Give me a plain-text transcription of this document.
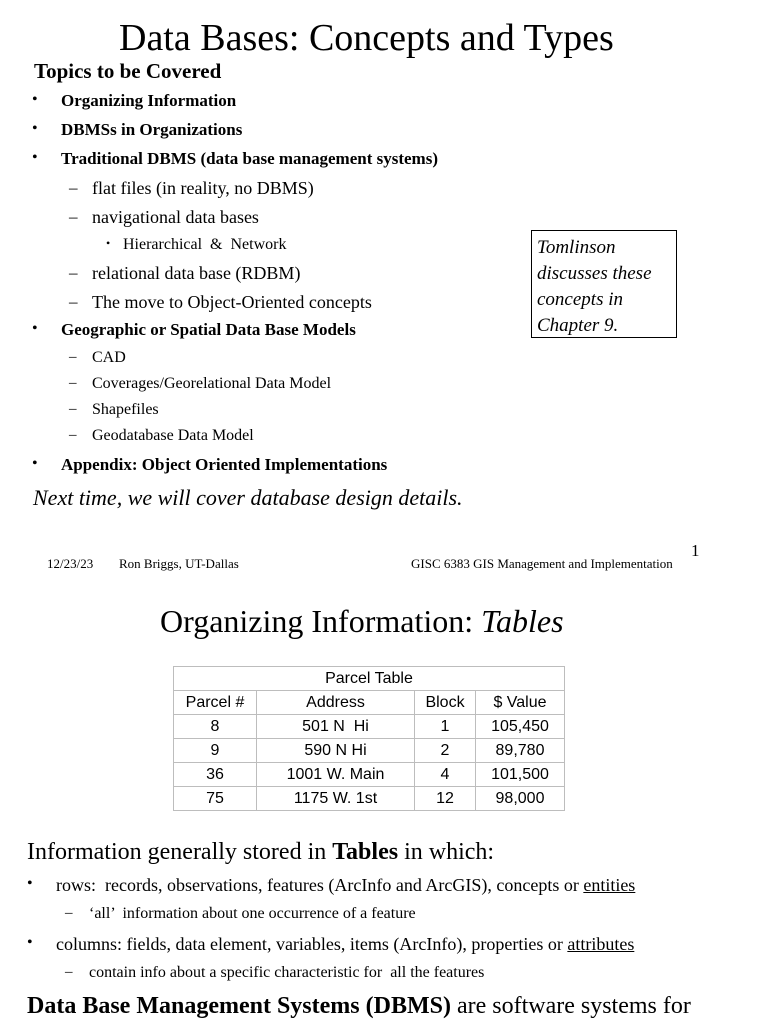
Data Bases: Concepts and Types
Topics to be Covered
• Organizing Information
• DBMSs in Organizations
• Traditional DBMS (data base management systems)
– flat files (in reality, no DBMS)
– navigational data bases
• Hierarchical  &  Network
– relational data base (RDBM)
– The move to Object-Oriented concepts
• Geographic or Spatial Data Base Models
– CAD
– Coverages/Georelational Data Model
– Shapefiles
– Geodatabase Data Model
• Appendix: Object Oriented Implementations
Tomlinson discusses these concepts in Chapter 9.
Next time, we will cover database design details.
12/23/23 Ron Briggs, UT-Dallas	GISC 6383 GIS Management and Implementation
1
Organizing Information: Tables
Parcel Table			
Parcel #	Address	Block	$ Value
8	501 N  Hi	1	105,450
9	590 N Hi	2	89,780
36	1001 W. Main	4	101,500
75	1175 W. 1st	12	98,000
Information generally stored in Tables in which:
• rows:  records, observations, features (ArcInfo and ArcGIS), concepts or entities
– ‘all’  information about one occurrence of a feature
• columns: fields, data element, variables, items (ArcInfo), properties or attributes
– contain info about a specific characteristic for  all the features
Data Base Management Systems (DBMS) are software systems for
